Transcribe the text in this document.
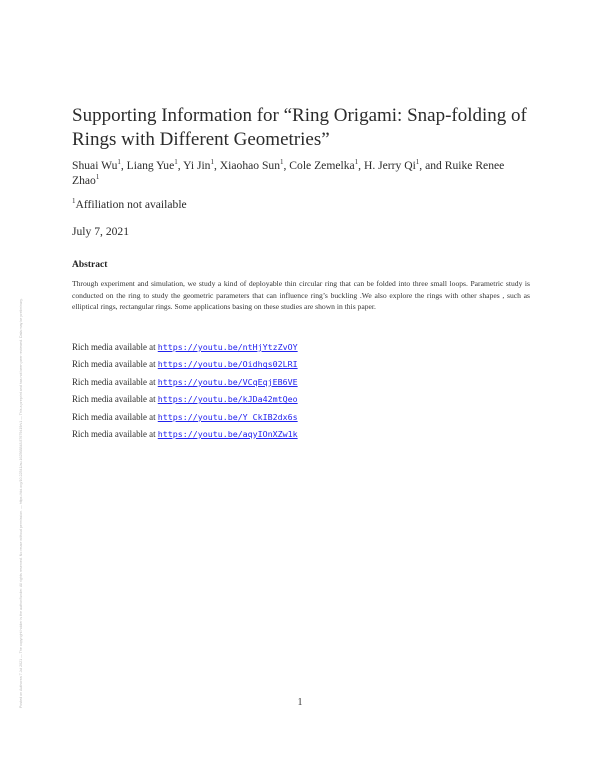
Posted on Authorea 7 Jul 2021 — The copyright holder is the author/funder. All rights reserved. No reuse without permission. — https://doi.org/10.22541/au.162568848.87679419/v1 — This a preprint and has not been peer reviewed. Data may be preliminary.
Supporting Information for “Ring Origami: Snap-folding of Rings with Different Geometries”
Shuai Wu$^1$, Liang Yue$^1$, Yi Jin$^1$, Xiaohao Sun$^1$, Cole Zemelka$^1$, H. Jerry Qi$^1$, and Ruike Renee Zhao$^1$
$^1$Affiliation not available
July 7, 2021
Abstract

Through experiment and simulation, we study a kind of deployable thin circular ring that can be folded into three small loops. Parametric study is conducted on the ring to study the geometric parameters that can influence ring’s buckling .We also explore the rings with other shapes , such as elliptical rings, rectangular rings. Some applications basing on these studies are shown in this paper.

Rich media available at https://youtu.be/ntHjYtzZvOY
Rich media available at https://youtu.be/Oidhqs02LRI
Rich media available at https://youtu.be/VCqEqjEB6VE
Rich media available at https://youtu.be/kJDa42mtQeo
Rich media available at https://youtu.be/Y_CkIB2dx6s
Rich media available at https://youtu.be/aqyIOnXZw1k
1
